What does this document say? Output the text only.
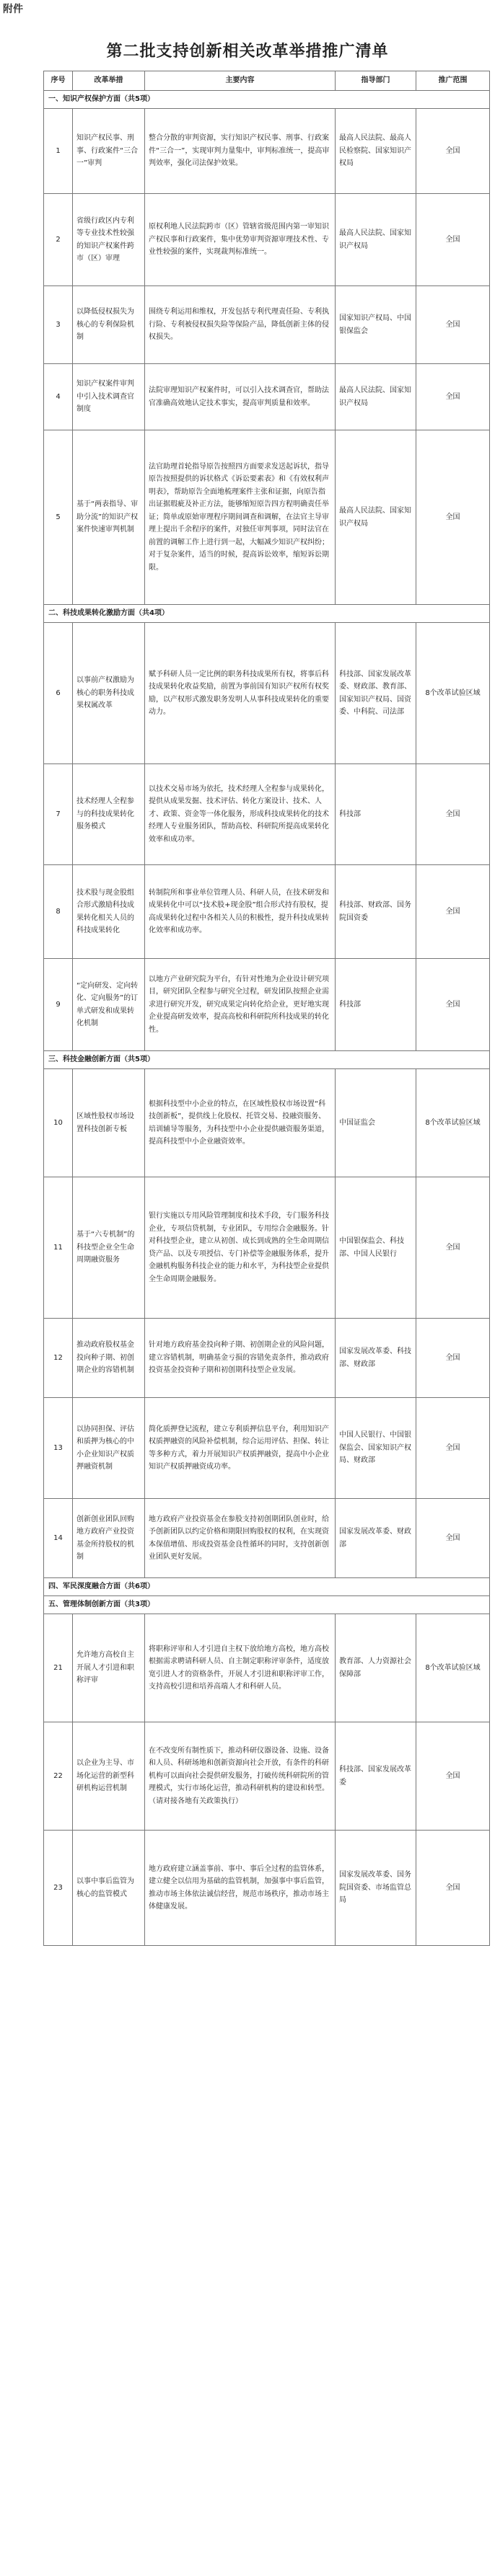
附件
第二批支持创新相关改革举措推广清单
序号	改革举措	主要内容	指导部门	推广范围
一、知识产权保护方面（共5项）				
1	知识产权民事、刑事、行政案件“三合一”审判	整合分散的审判资源，实行知识产权民事、刑事、行政案件“三合一”，实现审判力量集中，审判标准统一，提高审判效率，强化司法保护效果。	最高人民法院、最高人民检察院、国家知识产权局	全国
2	省级行政区内专利等专业技术性较强的知识产权案件跨市（区）审理	原权利地人民法院跨市（区）管辖省级范围内第一审知识产权民事和行政案件，集中优势审判资源审理技术性、专业性较强的案件，实现裁判标准统一。	最高人民法院、国家知识产权局	全国
3	以降低侵权损失为核心的专利保险机制	围绕专利运用和维权，开发包括专利代理责任险、专利执行险、专利被侵权损失险等保险产品，降低创新主体的侵权损失。	国家知识产权局、中国银保监会	全国
4	知识产权案件审判中引入技术调查官制度	法院审理知识产权案件时，可以引入技术调查官，帮助法官准确高效地认定技术事实，提高审判质量和效率。	最高人民法院、国家知识产权局	全国
5	基于“两表指导、审助分流”的知识产权案件快速审判机制	法官助理首轮指导原告按照四方面要求发送起诉状，指导原告按照提供的诉状格式《诉讼要素表》和《有效权利声明表》，帮助原告全面地梳理案件主张和证据，向原告指出证据瑕疵及补正方法，能够缩短原告四方程明确责任举证；简单或原始审理程序期间调查和调解，在法官主导审理上提出千余程序的案件，对独任审判事项，同时法官在前置的调解工作上进行到一起，大幅减少知识产权纠纷；对于复杂案件，适当的时候，提高诉讼效率，缩短诉讼期限。	最高人民法院、国家知识产权局	全国
二、科技成果转化激励方面（共4项）				
6	以事前产权激励为核心的职务科技成果权属改革	赋予科研人员一定比例的职务科技成果所有权，将事后科技成果转化收益奖励，前置为事前国有知识产权所有权奖励，以产权形式激发职务发明人从事科技成果转化的重要动力。	科技部、国家发展改革委、财政部、教育部、国家知识产权局、国资委、中科院、司法部	8个改革试验区域
7	技术经理人全程参与的科技成果转化服务模式	以技术交易市场为依托，技术经理人全程参与成果转化，提供从成果发掘、技术评估、转化方案设计、技术、人才、政策、资金等一体化服务，形成科技成果转化的技术经理人专业服务团队，帮助高校、科研院所提高成果转化效率和成功率。	科技部	全国
8	技术股与现金股组合形式激励科技成果转化相关人员的科技成果转化	转制院所和事业单位管理人员、科研人员，在技术研发和成果转化中可以“技术股+现金股”组合形式持有股权，提高成果转化过程中各相关人员的积极性，提升科技成果转化效率和成功率。	科技部、财政部、国务院国资委	全国
9	“定向研发、定向转化、定向服务”的订单式研发和成果转化机制	以地方产业研究院为平台，有针对性地为企业设计研究项目，研究团队全程参与研究全过程，研发团队按照企业需求进行研究开发，研究成果定向转化给企业，更好地实现企业提高研发效率，提高高校和科研院所科技成果的转化性。	科技部	全国
三、科技金融创新方面（共5项）				
10	区域性股权市场设置科技创新专板	根据科技型中小企业的特点，在区域性股权市场设置“科技创新板”，提供线上化股权、托管交易、投融资服务、培训辅导等服务，为科技型中小企业提供融资服务渠道，提高科技型中小企业融资效率。	中国证监会	8个改革试验区域
11	基于“六专机制”的科技型企业全生命周期融资服务	银行实施以专用风险管理制度和技术手段，专门服务科技企业，专项信贷机制，专业团队，专用综合金融服务。针对科技型企业，建立从初创、成长到成熟的全生命周期信贷产品、以及专项授信、专门补偿等金融服务体系，提升金融机构服务科技企业的能力和水平，为科技型企业提供全生命周期金融服务。	中国银保监会、科技部、中国人民银行	全国
12	推动政府股权基金投向种子期、初创期企业的容错机制	针对地方政府基金投向种子期、初创期企业的风险问题，建立容错机制，明确基金亏损的容错免责条件，推动政府投资基金投资种子期和初创期科技型企业发展。	国家发展改革委、科技部、财政部	全国
13	以协同担保、评估和质押为核心的中小企业知识产权质押融资机制	简化质押登记流程，建立专利质押信息平台，利用知识产权质押融资的风险补偿机制，综合运用评估、担保、转让等多种方式，着力开展知识产权质押融资，提高中小企业知识产权质押融资成功率。	中国人民银行、中国银保监会、国家知识产权局、财政部	全国
14	创新创业团队回购地方政府产业投资基金所持股权的机制	地方政府产业投资基金在参股支持初创期团队创业时，给予创新团队以约定价格和期限回购股权的权利，在实现资本保值增值、形成投资基金良性循环的同时，支持创新创业团队更好发展。	国家发展改革委、财政部	全国
四、军民深度融合方面（共6项）				
五、管理体制创新方面（共3项）				
21	允许地方高校自主开展人才引进和职称评审	将职称评审和人才引进自主权下放给地方高校，地方高校根据需求聘请科研人员、自主制定职称评审条件，适度放宽引进人才的资格条件，开展人才引进和职称评审工作，支持高校引进和培养高端人才和科研人员。	教育部、人力资源社会保障部	8个改革试验区域
22	以企业为主导、市场化运营的新型科研机构运营机制	在不改变所有制性质下，推动科研仪器设备、设施、设备和人员、科研场地和创新资源向社会开放，有条件的科研机构可以面向社会提供研发服务，打破传统科研院所的管理模式，实行市场化运营，推动科研机构的建设和转型。（请对接各地有关政策执行）	科技部、国家发展改革委	全国
23	以事中事后监管为核心的监管模式	地方政府建立涵盖事前、事中、事后全过程的监管体系，建立健全以信用为基础的监管机制，加强事中事后监管，推动市场主体依法诚信经营，规范市场秩序，推动市场主体健康发展。	国家发展改革委、国务院国资委、市场监管总局	全国
